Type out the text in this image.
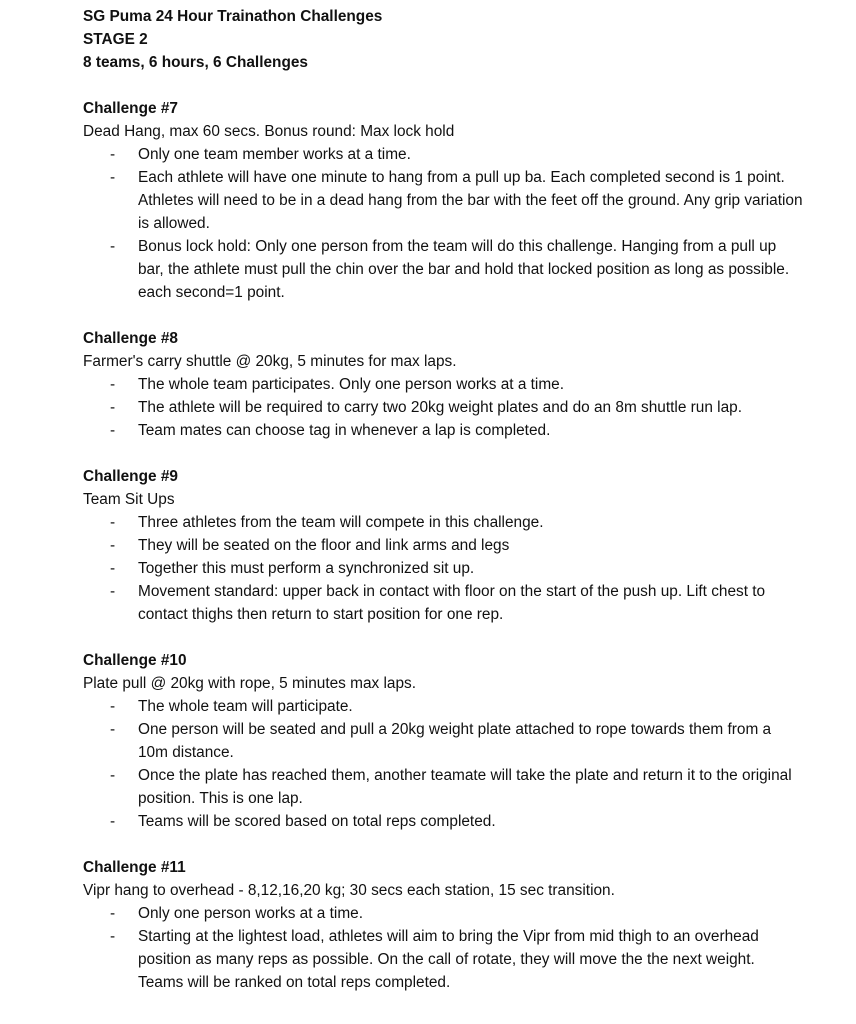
SG Puma 24 Hour Trainathon Challenges
STAGE 2
8 teams, 6 hours, 6 Challenges
Challenge #7
Dead Hang, max 60 secs. Bonus round: Max lock hold
- Only one team member works at a time.
- Each athlete will have one minute to hang from a pull up ba. Each completed second is 1 point. Athletes will need to be in a dead hang from the bar with the feet off the ground. Any grip variation is allowed.
- Bonus lock hold: Only one person from the team will do this challenge. Hanging from a pull up bar, the athlete must pull the chin over the bar and hold that locked position as long as possible. each second=1 point.
Challenge #8
Farmer's carry shuttle @ 20kg, 5 minutes for max laps.
- The whole team participates. Only one person works at a time.
- The athlete will be required to carry two 20kg weight plates and do an 8m shuttle run lap.
- Team mates can choose tag in whenever a lap is completed.
Challenge #9
Team Sit Ups
- Three athletes from the team will compete in this challenge.
- They will be seated on the floor and link arms and legs
- Together this must perform a synchronized sit up.
- Movement standard: upper back in contact with floor on the start of the push up. Lift chest to contact thighs then return to start position for one rep.
Challenge #10
Plate pull @ 20kg with rope, 5 minutes max laps.
- The whole team will participate.
- One person will be seated and pull a 20kg weight plate attached to rope towards them from a 10m distance.
- Once the plate has reached them, another teamate will take the plate and return it to the original position. This is one lap.
- Teams will be scored based on total reps completed.
Challenge #11
Vipr hang to overhead - 8,12,16,20 kg; 30 secs each station, 15 sec transition.
- Only one person works at a time.
- Starting at the lightest load, athletes will aim to bring the Vipr from mid thigh to an overhead position as many reps as possible. On the call of rotate, they will move the the next weight. Teams will be ranked on total reps completed.
